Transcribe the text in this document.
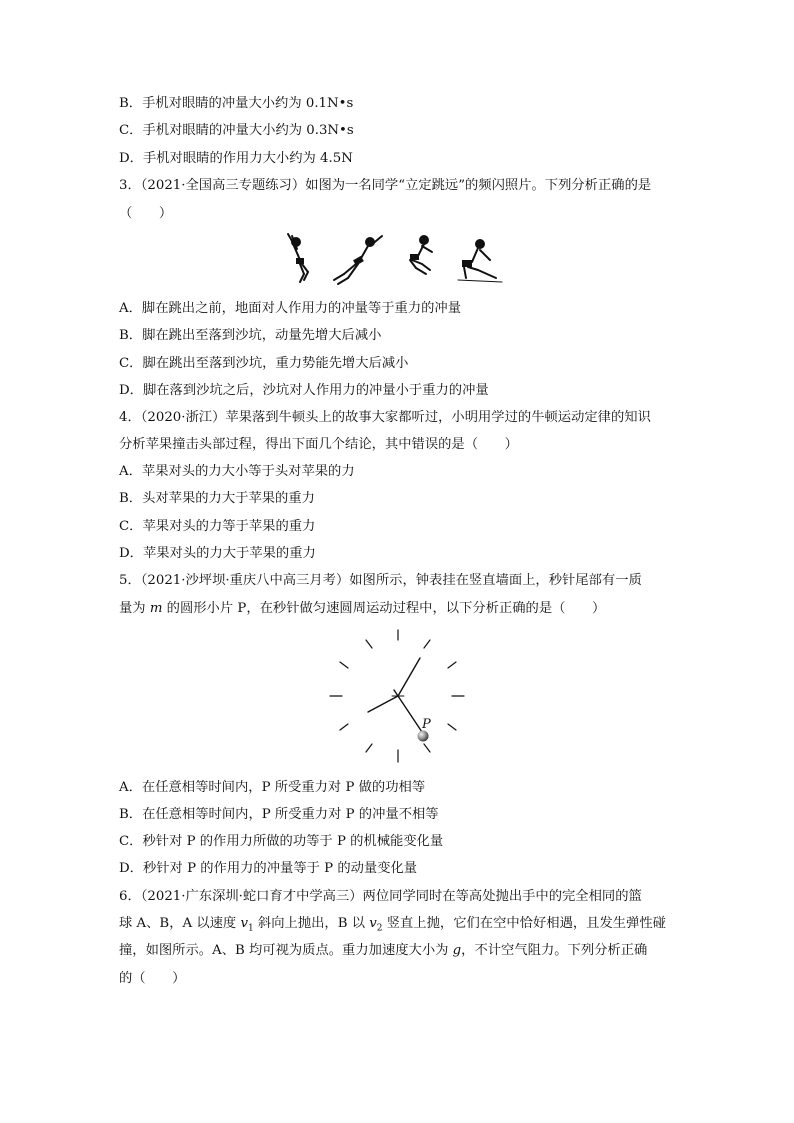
B．手机对眼睛的冲量大小约为 0.1N•s
C．手机对眼睛的冲量大小约为 0.3N•s
D．手机对眼睛的作用力大小约为 4.5N
3．（2021·全国高三专题练习）如图为一名同学“立定跳远”的频闪照片。下列分析正确的是
（　　）
A．脚在跳出之前，地面对人作用力的冲量等于重力的冲量
B．脚在跳出至落到沙坑，动量先增大后减小
C．脚在跳出至落到沙坑，重力势能先增大后减小
D．脚在落到沙坑之后，沙坑对人作用力的冲量小于重力的冲量
4．（2020·浙江）苹果落到牛顿头上的故事大家都听过，小明用学过的牛顿运动定律的知识
分析苹果撞击头部过程，得出下面几个结论，其中错误的是（　　）
A．苹果对头的力大小等于头对苹果的力
B．头对苹果的力大于苹果的重力
C．苹果对头的力等于苹果的重力
D．苹果对头的力大于苹果的重力
5．（2021·沙坪坝·重庆八中高三月考）如图所示，钟表挂在竖直墙面上，秒针尾部有一质
量为 m 的圆形小片 P，在秒针做匀速圆周运动过程中，以下分析正确的是（　　）
P
A．在任意相等时间内，P 所受重力对 P 做的功相等
B．在任意相等时间内，P 所受重力对 P 的冲量不相等
C．秒针对 P 的作用力所做的功等于 P 的机械能变化量
D．秒针对 P 的作用力的冲量等于 P 的动量变化量
6．（2021·广东深圳·蛇口育才中学高三）两位同学同时在等高处抛出手中的完全相同的篮
球 A、B，A 以速度 $v_1$ 斜向上抛出，B 以 $v_2$ 竖直上抛，它们在空中恰好相遇，且发生弹性碰
撞，如图所示。A、B 均可视为质点。重力加速度大小为 g，不计空气阻力。下列分析正确
的（　　）
